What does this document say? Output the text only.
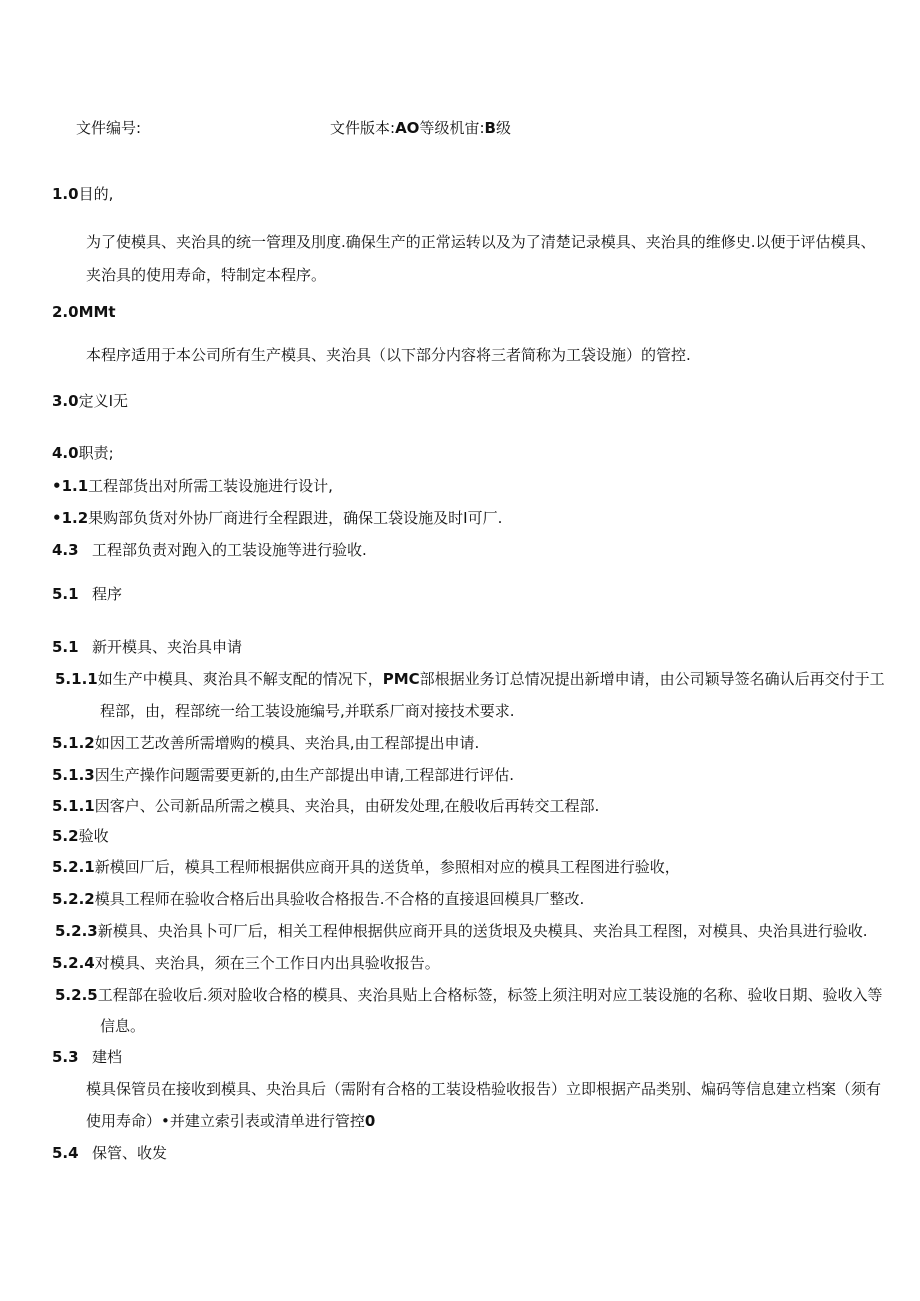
文件编号:	文件版本:AO等级机宙:B级
1.0目的,
为了使模具、夹治具的统一管理及刖度.确保生产的正常运转以及为了清楚记录模具、夹治具的维修史.以便于评估模具、
夹治具的使用寿命，特制定本程序。
2.0MMt
本程序适用于本公司所有生产模具、夹治具（以下部分内容将三者简称为工袋设施）的管控.
3.0定义I无
4.0职责;
•1.1工程部货出对所需工装设施进行设计,
•1.2果购部负货对外协厂商进行全程跟进，确保工袋设施及时I可厂.
4.3 工程部负责对跑入的工装设施等进行验收.
5.1 程序
5.1 新开模具、夹治具申请
5.1.1如生产中模具、爽治具不解支配的情况下，PMC部根据业务订总情况提出新增申请，由公司颖导签名确认后再交付于工
程部，由，程部统一给工装设施编号,并联系厂商对接技术要求.
5.1.2如因工艺改善所需增购的模具、夹治具,由工程部提出申请.
5.1.3因生产操作问题需要更新的,由生产部提出申请,工程部进行评估.
5.1.1因客户、公司新品所需之模具、夹治具，由研发处理,在般收后再转交工程部.
5.2验收
5.2.1新模回厂后，模具工程师根据供应商开具的送货单，参照相对应的模具工程图进行验收，
5.2.2模具工程师在验收合格后出具验收合格报告.不合格的直接退回模具厂整改.
5.2.3新模具、央治具卜可厂后，相关工程伸根据供应商开具的送货垠及央模具、夹治具工程图，对模具、央治具进行验收.
5.2.4对模具、夹治具，须在三个工作日内出具验收报告。
5.2.5工程部在验收后.须对脸收合格的模具、夹治具贴上合格标签，标签上须注明对应工装设施的名称、验收日期、验收入等
信息。
5.3 建档
模具保管员在接收到模具、央治具后（需附有合格的工装设梏验收报告）立即根据产品类别、煸码等信息建立档案（须有
使用寿命）•并建立索引表或清单进行管控0
5.4 保管、收发
